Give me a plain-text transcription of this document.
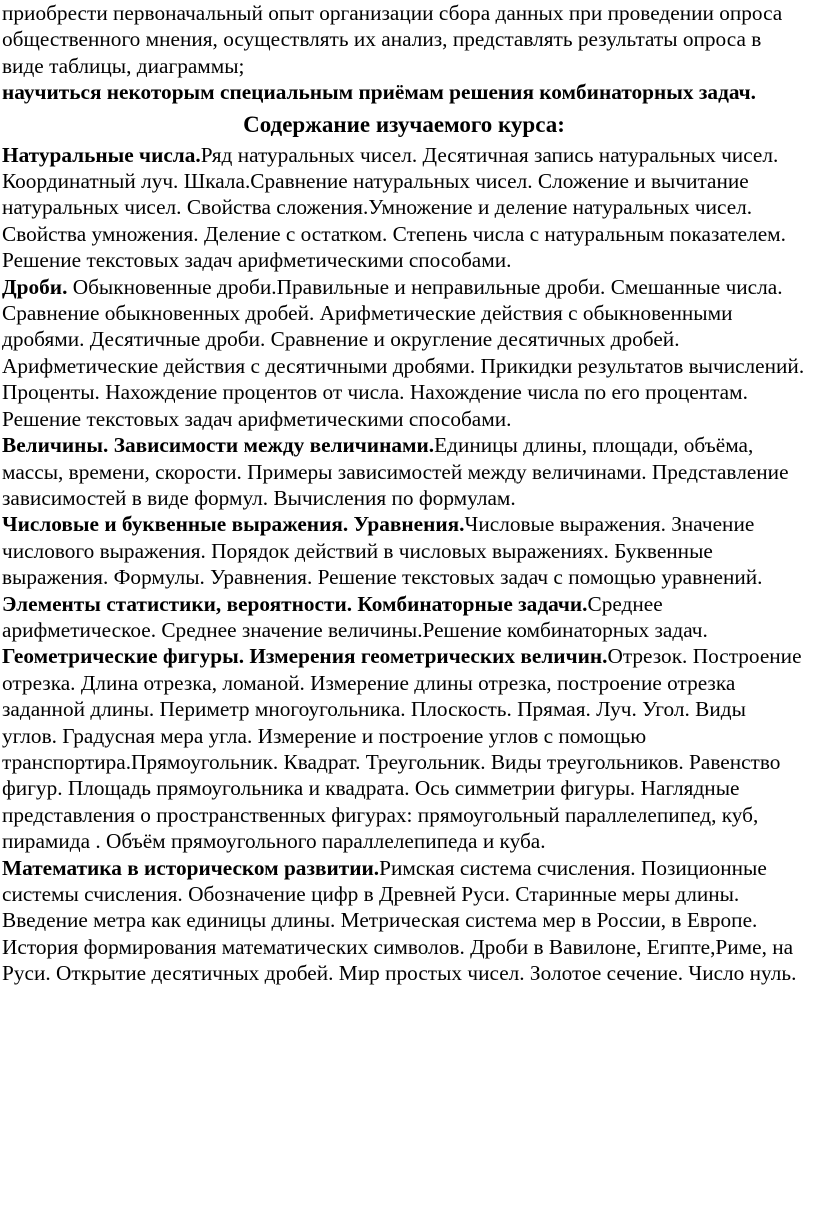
приобрести первоначальный опыт организации сбора данных при проведении опроса общественного мнения, осуществлять их анализ, представлять результаты опроса в виде таблицы, диаграммы;

научиться некоторым специальным приёмам решения комбинаторных задач.

Содержание изучаемого курса:

Натуральные числа.Ряд натуральных чисел. Десятичная запись натуральных чисел. Координатный луч. Шкала.Сравнение натуральных чисел. Сложение и вычитание натуральных чисел. Свойства сложения.Умножение и деление натуральных чисел. Свойства умножения. Деление с остатком. Степень числа с натуральным показателем. Решение текстовых задач арифметическими способами.

Дроби. Обыкновенные дроби.Правильные и неправильные дроби. Смешанные числа. Сравнение обыкновенных дробей. Арифметические действия с обыкновенными дробями. Десятичные дроби. Сравнение и округление десятичных дробей. Арифметические действия с десятичными дробями. Прикидки результатов вычислений. Проценты. Нахождение процентов от числа. Нахождение числа по его процентам. Решение текстовых задач арифметическими способами.

Величины. Зависимости между величинами.Единицы длины, площади, объёма, массы, времени, скорости. Примеры зависимостей между величинами. Представление зависимостей в виде формул. Вычисления по формулам.

Числовые и буквенные выражения. Уравнения.Числовые выражения. Значение числового выражения. Порядок действий в числовых выражениях. Буквенные выражения. Формулы. Уравнения. Решение текстовых задач с помощью уравнений.

Элементы статистики, вероятности. Комбинаторные задачи.Среднее арифметическое. Среднее значение величины.Решение комбинаторных задач.

Геометрические фигуры. Измерения геометрических величин.Отрезок. Построение отрезка. Длина отрезка, ломаной. Измерение длины отрезка, построение отрезка заданной длины. Периметр многоугольника. Плоскость. Прямая. Луч. Угол. Виды углов. Градусная мера угла. Измерение и построение углов с помощью транспортира.Прямоугольник. Квадрат. Треугольник. Виды треугольников. Равенство фигур. Площадь прямоугольника и квадрата. Ось симметрии фигуры. Наглядные представления о пространственных фигурах: прямоугольный параллелепипед, куб, пирамида . Объём прямоугольного параллелепипеда и куба.

Математика в историческом развитии.Римская система счисления. Позиционные системы счисления. Обозначение цифр в Древней Руси. Старинные меры длины. Введение метра как единицы длины. Метрическая система мер в России, в Европе. История формирования математических символов. Дроби в Вавилоне, Египте,Риме, на Руси. Открытие десятичных дробей. Мир простых чисел. Золотое сечение. Число нуль.
